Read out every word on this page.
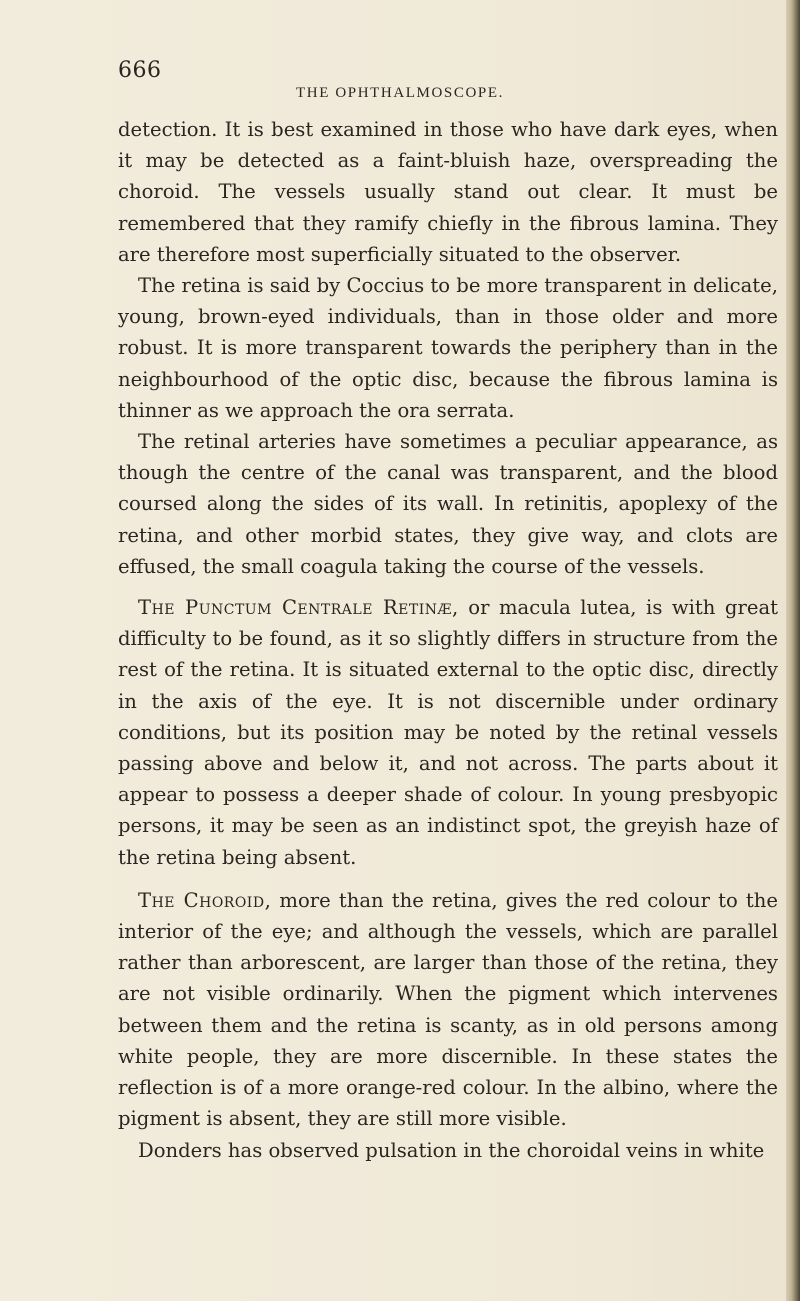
666
THE OPHTHALMOSCOPE.

detection. It is best examined in those who have dark eyes, when it may be detected as a faint-bluish haze, overspreading the choroid. The vessels usually stand out clear. It must be remembered that they ramify chiefly in the fibrous lamina. They are therefore most superficially situated to the observer.

The retina is said by Coccius to be more transparent in delicate, young, brown-eyed individuals, than in those older and more robust. It is more transparent towards the periphery than in the neighbourhood of the optic disc, because the fibrous lamina is thinner as we approach the ora serrata.

The retinal arteries have sometimes a peculiar appearance, as though the centre of the canal was transparent, and the blood coursed along the sides of its wall. In retinitis, apoplexy of the retina, and other morbid states, they give way, and clots are effused, the small coagula taking the course of the vessels.

The Punctum Centrale Retinæ, or macula lutea, is with great difficulty to be found, as it so slightly differs in structure from the rest of the retina. It is situated external to the optic disc, directly in the axis of the eye. It is not discernible under ordinary conditions, but its position may be noted by the retinal vessels passing above and below it, and not across. The parts about it appear to possess a deeper shade of colour. In young presbyopic persons, it may be seen as an indistinct spot, the greyish haze of the retina being absent.

The Choroid, more than the retina, gives the red colour to the interior of the eye; and although the vessels, which are parallel rather than arborescent, are larger than those of the retina, they are not visible ordinarily. When the pigment which intervenes between them and the retina is scanty, as in old persons among white people, they are more discernible. In these states the reflection is of a more orange-red colour. In the albino, where the pigment is absent, they are still more visible.

Donders has observed pulsation in the choroidal veins in white
